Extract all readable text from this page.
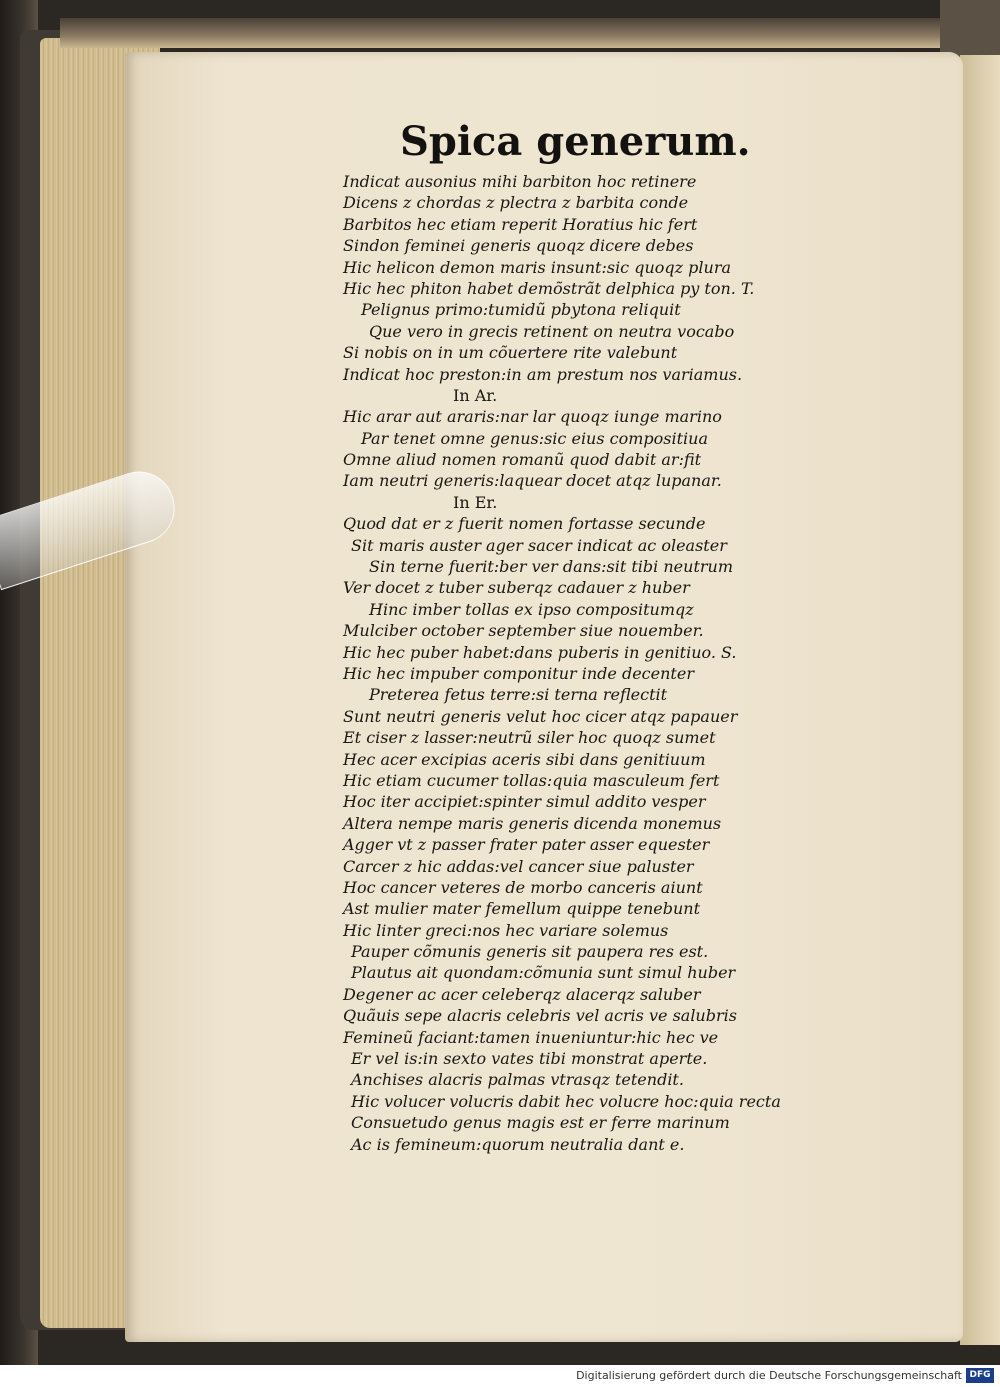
Spica generum.
Indicat ausonius mihi barbiton hoc retinere
Dicens z chordas z plectra z barbita conde
Barbitos hec etiam reperit Horatius hic fert
Sindon feminei generis quoqz dicere debes
Hic helicon demon maris insunt:sic quoqz plura
Hic hec phiton habet demõstrãt delphica py ton. T.
Pelignus primo:tumidũ pbytona reliquit
Que vero in grecis retinent on neutra vocabo
Si nobis on in um cõuertere rite valebunt
Indicat hoc preston:in am prestum nos variamus.
In Ar.
Hic arar aut araris:nar lar quoqz iunge marino
Par tenet omne genus:sic eius compositiua
Omne aliud nomen romanũ quod dabit ar:fit
Iam neutri generis:laquear docet atqz lupanar.
In Er.
Quod dat er z fuerit nomen fortasse secunde
Sit maris auster ager sacer indicat ac oleaster
Sin terne fuerit:ber ver dans:sit tibi neutrum
Ver docet z tuber suberqz cadauer z huber
Hinc imber tollas ex ipso compositumqz
Mulciber october september siue nouember.
Hic hec puber habet:dans puberis in genitiuo. S.
Hic hec impuber componitur inde decenter
Preterea fetus terre:si terna reflectit
Sunt neutri generis velut hoc cicer atqz papauer
Et ciser z lasser:neutrũ siler hoc quoqz sumet
Hec acer excipias aceris sibi dans genitiuum
Hic etiam cucumer tollas:quia masculeum fert
Hoc iter accipiet:spinter simul addito vesper
Altera nempe maris generis dicenda monemus
Agger vt z passer frater pater asser equester
Carcer z hic addas:vel cancer siue paluster
Hoc cancer veteres de morbo canceris aiunt
Ast mulier mater femellum quippe tenebunt
Hic linter greci:nos hec variare solemus
Pauper cõmunis generis sit paupera res est.
Plautus ait quondam:cõmunia sunt simul huber
Degener ac acer celeberqz alacerqz saluber
Quãuis sepe alacris celebris vel acris ve salubris
Femineũ faciant:tamen inueniuntur:hic hec ve
Er vel is:in sexto vates tibi monstrat aperte.
Anchises alacris palmas vtrasqz tetendit.
Hic volucer volucris dabit hec volucre hoc:quia recta
Consuetudo genus magis est er ferre marinum
Ac is femineum:quorum neutralia dant e.
Digitalisierung gefördert durch die Deutsche Forschungsgemeinschaft DFG
